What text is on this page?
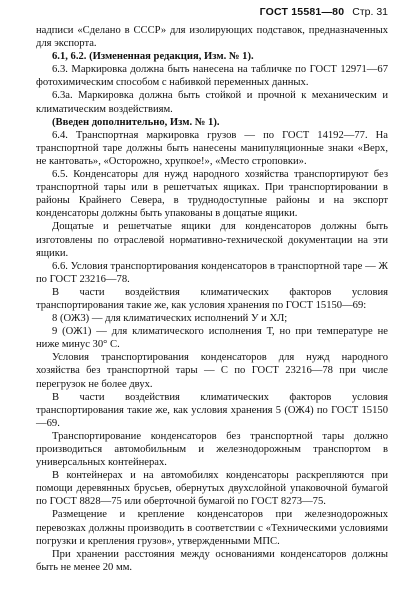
ГОСТ 15581—80 Стр. 31

надписи «Сделано в СССР» для изолирующих подставок, предназначенных для экспорта.

6.1, 6.2. (Измененная редакция, Изм. № 1).

6.3. Маркировка должна быть нанесена на табличке по ГОСТ 12971—67 фотохимическим способом с набивкой переменных данных.

6.3а. Маркировка должна быть стойкой и прочной к механическим и климатическим воздействиям.

(Введен дополнительно, Изм. № 1).

6.4. Транспортная маркировка грузов — по ГОСТ 14192—77. На транспортной таре должны быть нанесены манипуляционные знаки «Верх, не кантовать», «Осторожно, хрупкое!», «Место строповки».

6.5. Конденсаторы для нужд народного хозяйства транспортируют без транспортной тары или в решетчатых ящиках. При транспортировании в районы Крайнего Севера, в труднодоступные районы и на экспорт конденсаторы должны быть упакованы в дощатые ящики.

Дощатые и решетчатые ящики для конденсаторов должны быть изготовлены по отраслевой нормативно-технической документации на эти ящики.

6.6. Условия транспортирования конденсаторов в транспортной таре — Ж по ГОСТ 23216—78.

В части воздействия климатических факторов условия транспортирования такие же, как условия хранения по ГОСТ 15150—69:

8 (ОЖ3) — для климатических исполнений У и ХЛ;

9 (ОЖ1) — для климатического исполнения Т, но при температуре не ниже минус 30° С.

Условия транспортирования конденсаторов для нужд народного хозяйства без транспортной тары — С по ГОСТ 23216—78 при числе перегрузок не более двух.

В части воздействия климатических факторов условия транспортирования такие же, как условия хранения 5 (ОЖ4) по ГОСТ 15150—69.

Транспортирование конденсаторов без транспортной тары должно производиться автомобильным и железнодорожным транспортом в универсальных контейнерах.

В контейнерах и на автомобилях конденсаторы раскрепляются при помощи деревянных брусьев, обернутых двухслойной упаковочной бумагой по ГОСТ 8828—75 или оберточной бумагой по ГОСТ 8273—75.

Размещение и крепление конденсаторов при железнодорожных перевозках должны производить в соответствии с «Техническими условиями погрузки и крепления грузов», утвержденными МПС.

При хранении расстояния между основаниями конденсаторов должны быть не менее 20 мм.
